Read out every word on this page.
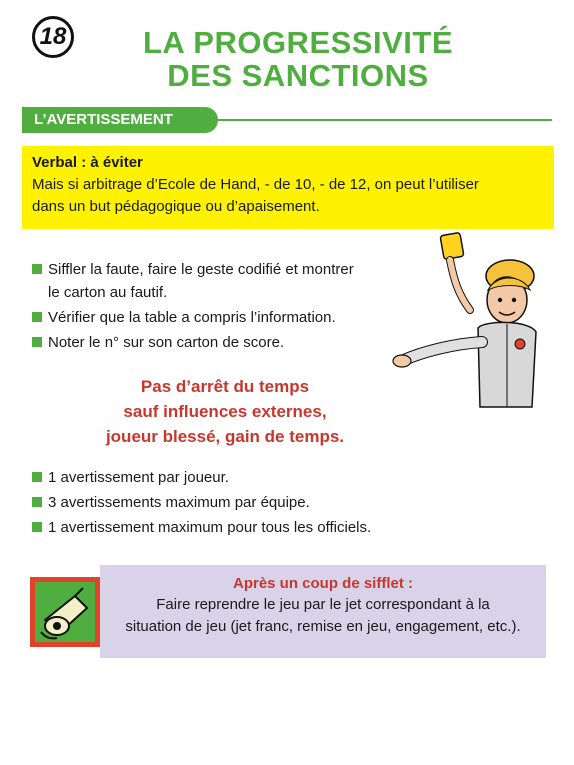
18	LA PROGRESSIVITÉ
DES SANCTIONS
L’AVERTISSEMENT
Verbal : à éviter
Mais si arbitrage d’Ecole de Hand, - de 10, - de 12, on peut l’utiliser
dans un but pédagogique ou d’apaisement.
Siffler la faute, faire le geste codifié et montrer
le carton au fautif.
Vérifier que la table a compris l’information.
Noter le n° sur son carton de score.
Pas d’arrêt du temps
sauf influences externes,
joueur blessé, gain de temps.
1 avertissement par joueur.
3 avertissements maximum par équipe.
1 avertissement maximum pour tous les officiels.
Après un coup de sifflet :
Faire reprendre le jeu par le jet correspondant à la
situation de jeu (jet franc, remise en jeu, engagement, etc.).
